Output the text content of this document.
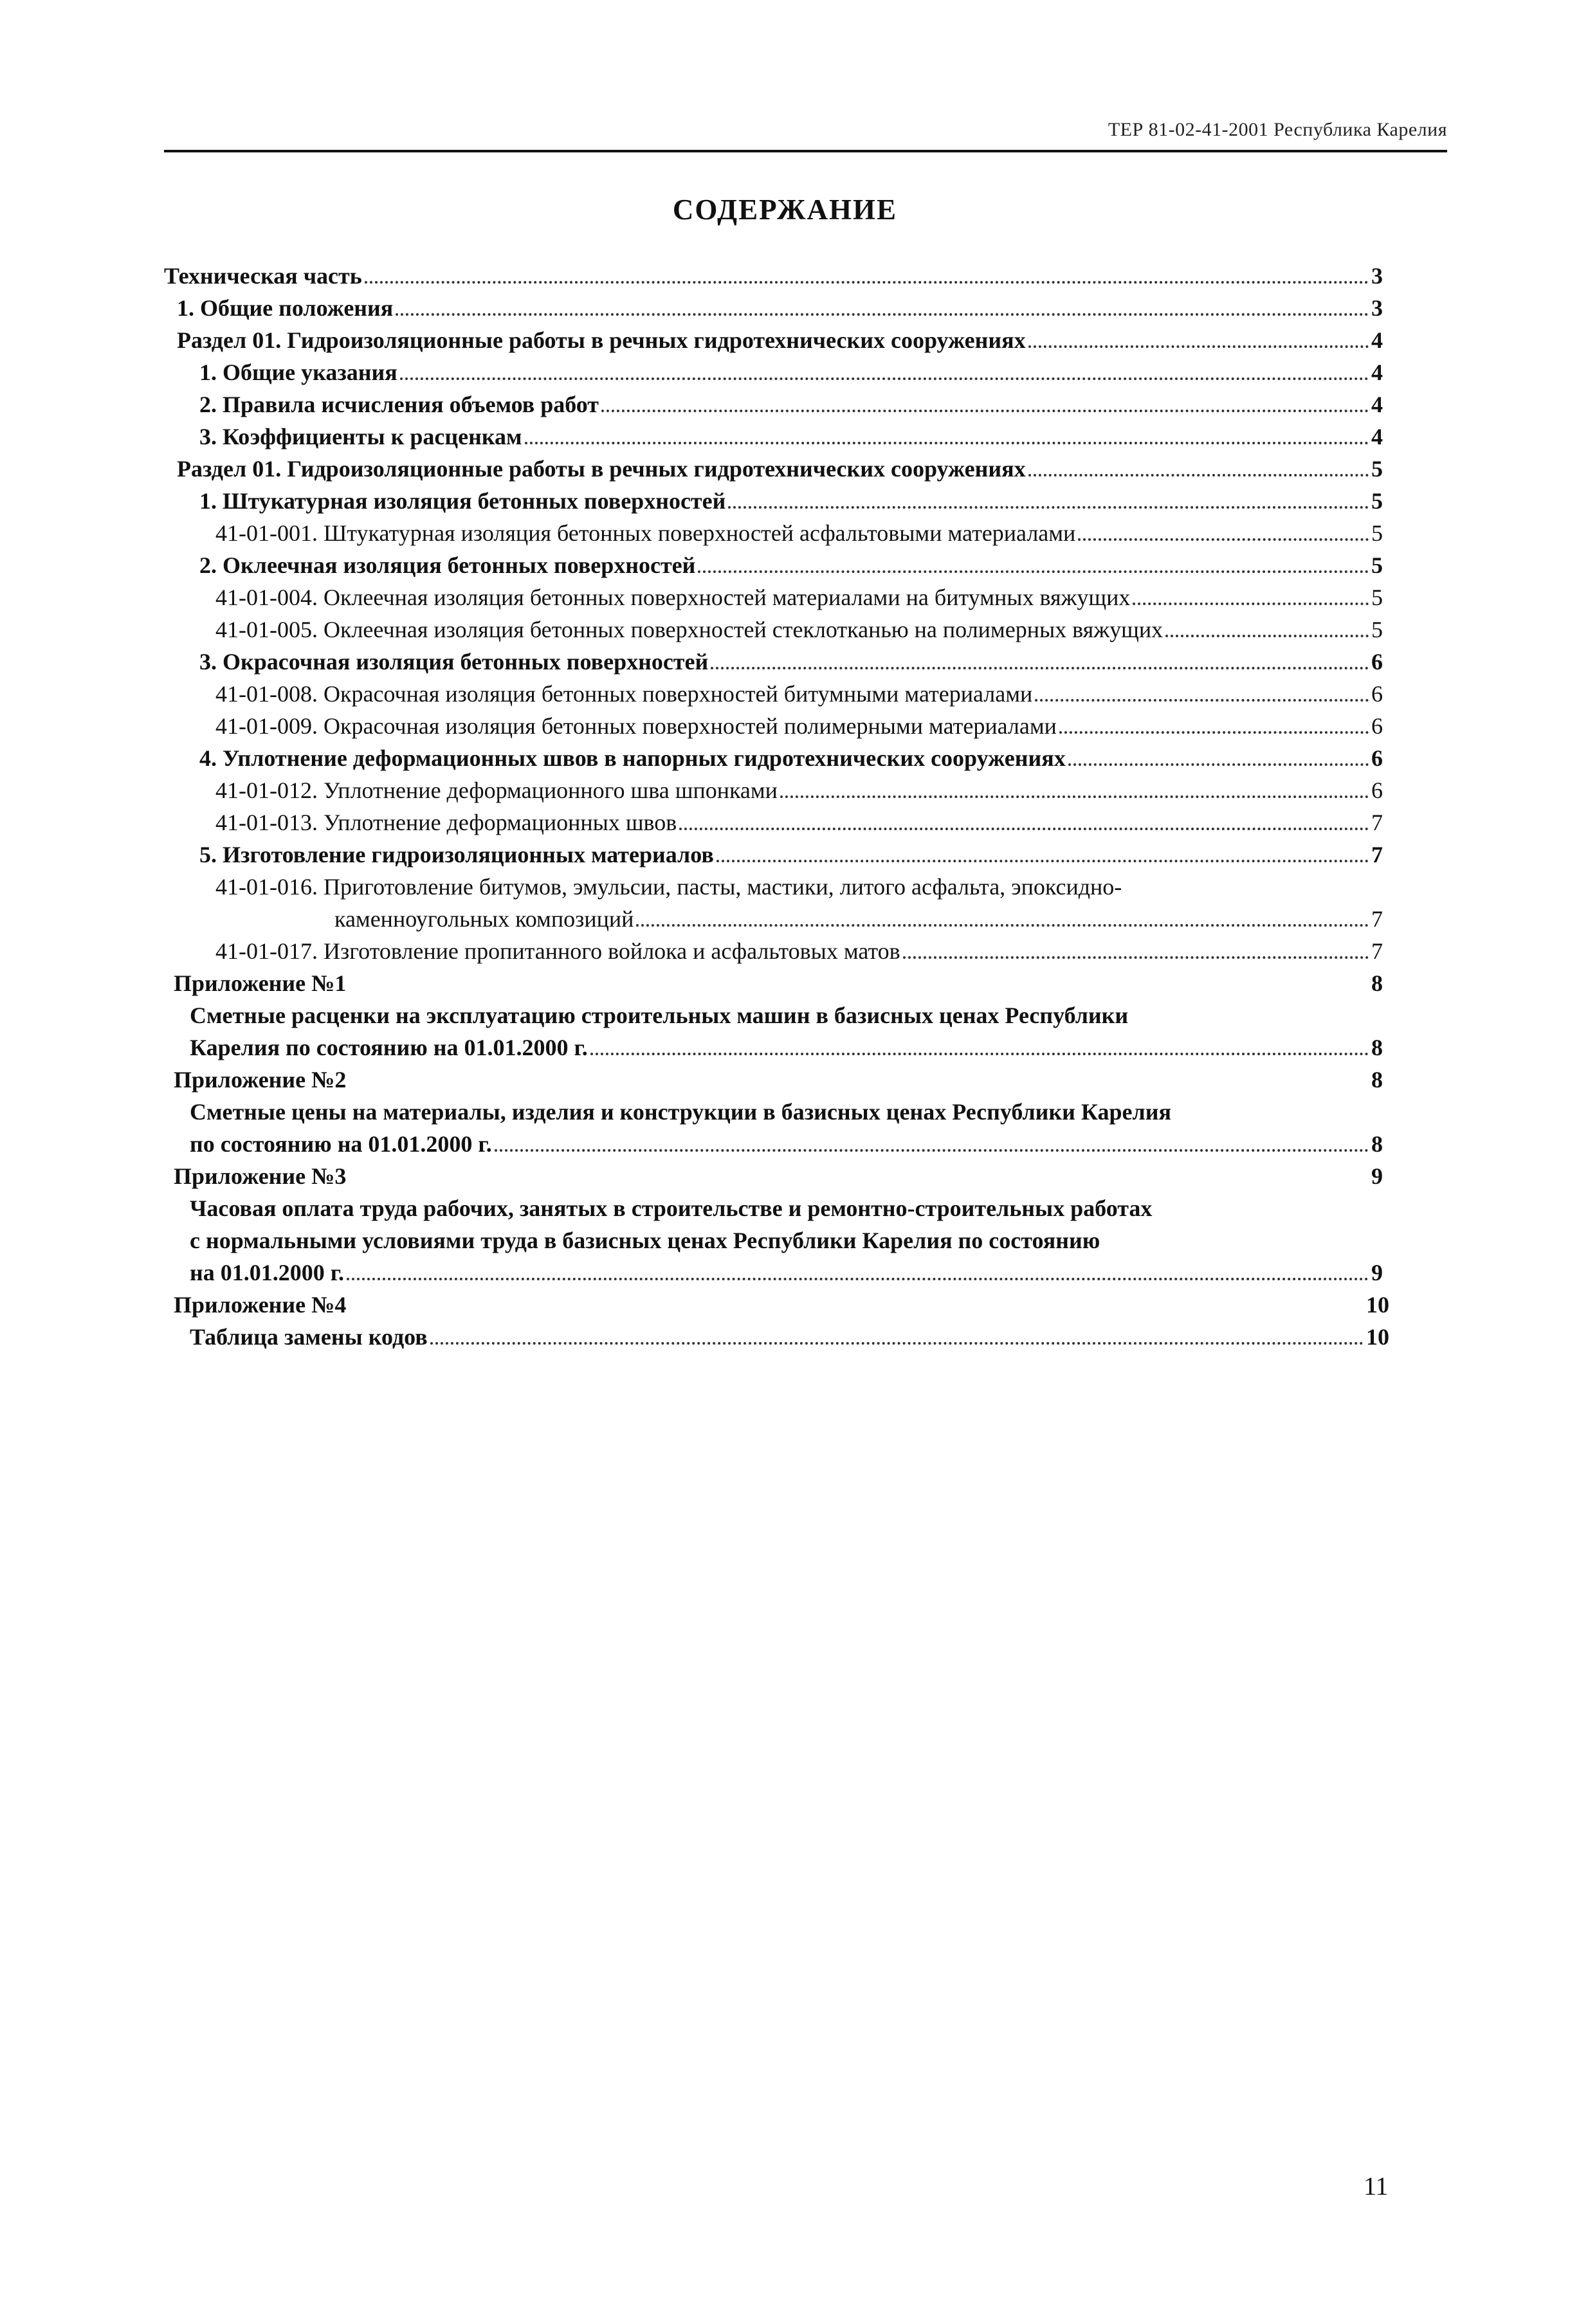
ТЕР 81-02-41-2001 Республика Карелия
СОДЕРЖАНИЕ
Техническая часть	3
1. Общие положения	3
Раздел 01. Гидроизоляционные работы в речных гидротехнических сооружениях	4
1. Общие указания	4
2. Правила исчисления объемов работ	4
3. Коэффициенты к расценкам	4
Раздел 01. Гидроизоляционные работы в речных гидротехнических сооружениях	5
1. Штукатурная изоляция бетонных поверхностей	5
41-01-001. Штукатурная изоляция бетонных поверхностей асфальтовыми материалами	5
2. Оклеечная изоляция бетонных поверхностей	5
41-01-004. Оклеечная изоляция бетонных поверхностей материалами на битумных вяжущих	5
41-01-005. Оклеечная изоляция бетонных поверхностей стеклотканью на полимерных вяжущих	5
3. Окрасочная изоляция бетонных поверхностей	6
41-01-008. Окрасочная изоляция бетонных поверхностей битумными материалами	6
41-01-009. Окрасочная изоляция бетонных поверхностей полимерными материалами	6
4. Уплотнение деформационных швов в напорных гидротехнических сооружениях	6
41-01-012. Уплотнение деформационного шва шпонками	6
41-01-013. Уплотнение деформационных швов	7
5. Изготовление гидроизоляционных материалов	7
41-01-016. Приготовление битумов, эмульсии, пасты, мастики, литого асфальта, эпоксидно-
каменноугольных композиций	7
41-01-017. Изготовление пропитанного войлока и асфальтовых матов	7
Приложение №1	8
Сметные расценки на эксплуатацию строительных машин в базисных ценах Республики
Карелия по состоянию на 01.01.2000 г.	8
Приложение №2	8
Сметные цены на материалы, изделия и конструкции в базисных ценах Республики Карелия
по состоянию на 01.01.2000 г.	8
Приложение №3	9
Часовая оплата труда рабочих, занятых в строительстве и ремонтно-строительных работах
с нормальными условиями труда в базисных ценах Республики Карелия по состоянию
на 01.01.2000 г.	9
Приложение №4	10
Таблица замены кодов	10
11
